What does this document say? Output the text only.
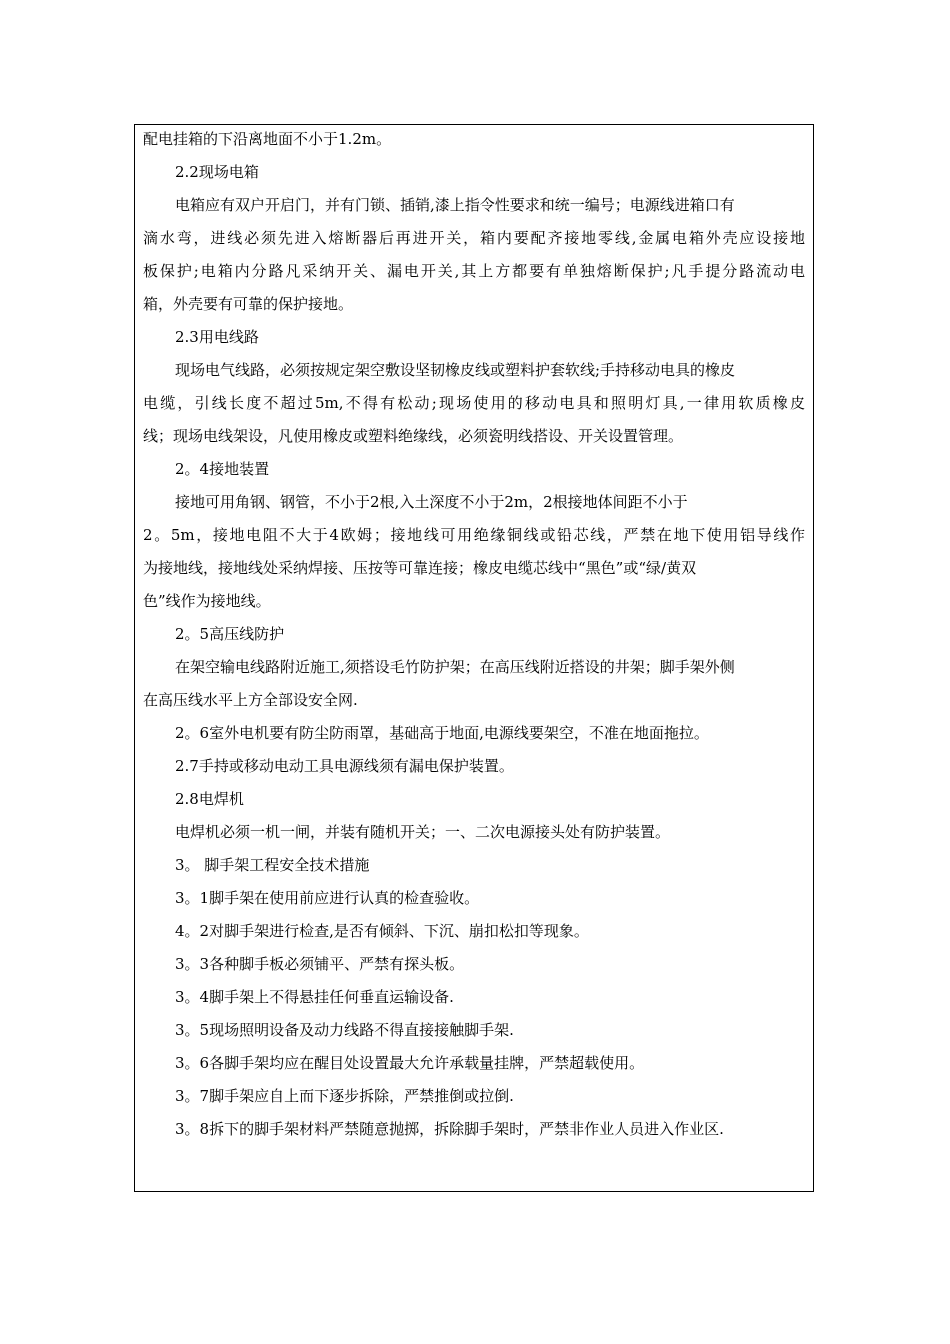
配电挂箱的下沿离地面不小于1.2m。
2.2现场电箱
电箱应有双户开启门，并有门锁、插销,漆上指令性要求和统一编号；电源线进箱口有
滴水弯，进线必须先进入熔断器后再进开关，箱内要配齐接地零线,金属电箱外壳应设接地
板保护;电箱内分路凡采纳开关、漏电开关,其上方都要有单独熔断保护;凡手提分路流动电
箱，外壳要有可靠的保护接地。
2.3用电线路
现场电气线路，必须按规定架空敷设坚韧橡皮线或塑料护套软线;手持移动电具的橡皮
电缆，引线长度不超过5m,不得有松动;现场使用的移动电具和照明灯具,一律用软质橡皮
线；现场电线架设，凡使用橡皮或塑料绝缘线，必须瓷明线搭设、开关设置管理。
2。4接地装置
接地可用角钢、钢管，不小于2根,入土深度不小于2m，2根接地体间距不小于
2。5m，接地电阻不大于4欧姆；接地线可用绝缘铜线或铅芯线，严禁在地下使用铝导线作
为接地线，接地线处采纳焊接、压按等可靠连接；橡皮电缆芯线中“黑色”或“绿/黄双
色”线作为接地线。
2。5高压线防护
在架空输电线路附近施工,须搭设毛竹防护架；在高压线附近搭设的井架；脚手架外侧
在高压线水平上方全部设安全网.
2。6室外电机要有防尘防雨罩，基础高于地面,电源线要架空，不准在地面拖拉。
2.7手持或移动电动工具电源线须有漏电保护装置。
2.8电焊机
电焊机必须一机一闸，并装有随机开关；一、二次电源接头处有防护装置。
3。 脚手架工程安全技术措施
3。1脚手架在使用前应进行认真的检查验收。
4。2对脚手架进行检查,是否有倾斜、下沉、崩扣松扣等现象。
3。3各种脚手板必须铺平、严禁有探头板。
3。4脚手架上不得悬挂任何垂直运输设备.
3。5现场照明设备及动力线路不得直接接触脚手架.
3。6各脚手架均应在醒目处设置最大允许承载量挂牌，严禁超载使用。
3。7脚手架应自上而下逐步拆除，严禁推倒或拉倒.
3。8拆下的脚手架材料严禁随意抛掷，拆除脚手架时，严禁非作业人员进入作业区.
